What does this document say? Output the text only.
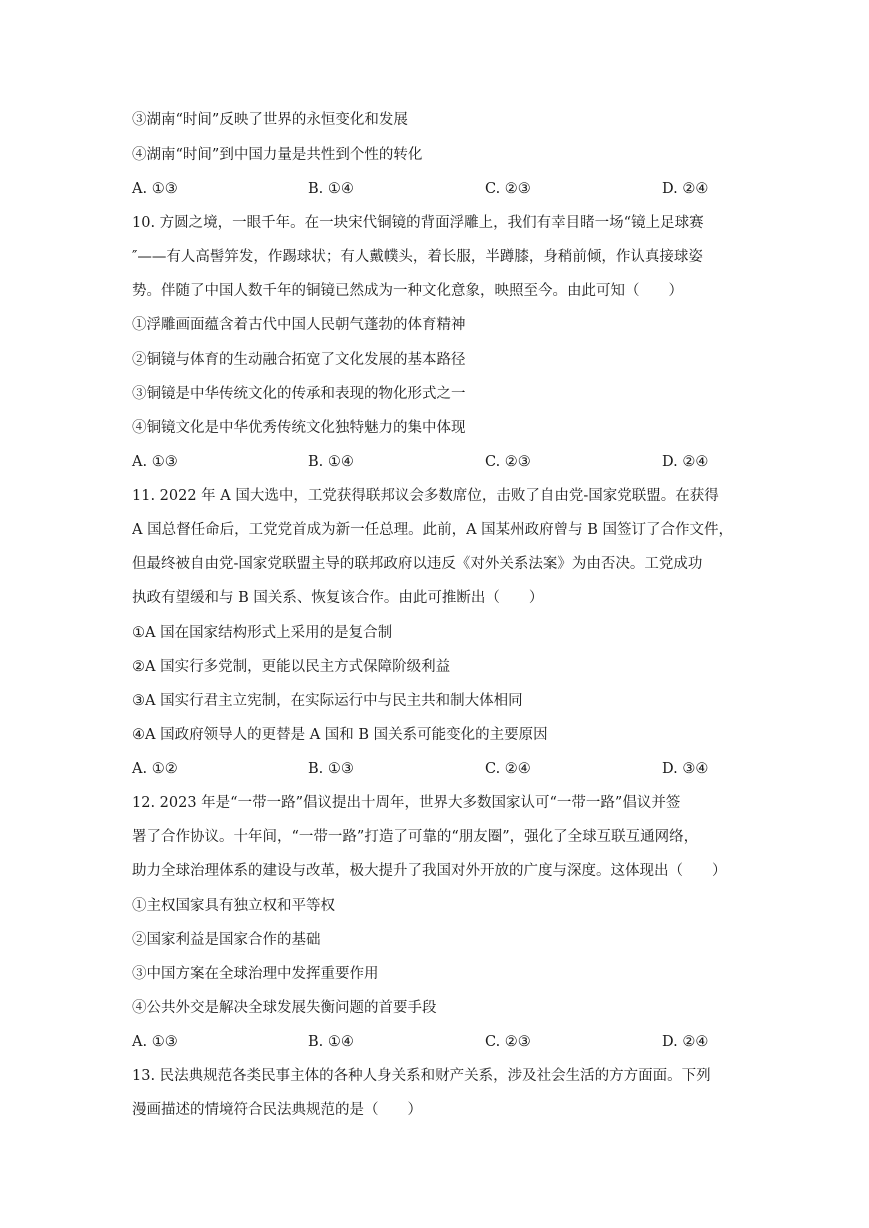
③湖南“时间”反映了世界的永恒变化和发展
④湖南“时间”到中国力量是共性到个性的转化
A. ①③	B. ①④	C. ②③	D. ②④
10. 方圆之境，一眼千年。在一块宋代铜镜的背面浮雕上，我们有幸目睹一场“镜上足球赛
″——有人高髻笄发，作踢球状；有人戴幞头，着长服，半蹲膝，身稍前倾，作认真接球姿
势。伴随了中国人数千年的铜镜已然成为一种文化意象，映照至今。由此可知（　　）
①浮雕画面蕴含着古代中国人民朝气蓬勃的体育精神
②铜镜与体育的生动融合拓宽了文化发展的基本路径
③铜镜是中华传统文化的传承和表现的物化形式之一
④铜镜文化是中华优秀传统文化独特魅力的集中体现
A. ①③	B. ①④	C. ②③	D. ②④
11. 2022 年 A 国大选中，工党获得联邦议会多数席位，击败了自由党-国家党联盟。在获得
A 国总督任命后，工党党首成为新一任总理。此前，A 国某州政府曾与 B 国签订了合作文件，
但最终被自由党-国家党联盟主导的联邦政府以违反《对外关系法案》为由否决。工党成功
执政有望缓和与 B 国关系、恢复该合作。由此可推断出（　　）
①A 国在国家结构形式上采用的是复合制
②A 国实行多党制，更能以民主方式保障阶级利益
③A 国实行君主立宪制，在实际运行中与民主共和制大体相同
④A 国政府领导人的更替是 A 国和 B 国关系可能变化的主要原因
A. ①②	B. ①③	C. ②④	D. ③④
12. 2023 年是“一带一路”倡议提出十周年，世界大多数国家认可“一带一路”倡议并签
署了合作协议。十年间，“一带一路”打造了可靠的“朋友圈”，强化了全球互联互通网络，
助力全球治理体系的建设与改革，极大提升了我国对外开放的广度与深度。这体现出（　　）
①主权国家具有独立权和平等权
②国家利益是国家合作的基础
③中国方案在全球治理中发挥重要作用
④公共外交是解决全球发展失衡问题的首要手段
A. ①③	B. ①④	C. ②③	D. ②④
13. 民法典规范各类民事主体的各种人身关系和财产关系，涉及社会生活的方方面面。下列
漫画描述的情境符合民法典规范的是（　　）
